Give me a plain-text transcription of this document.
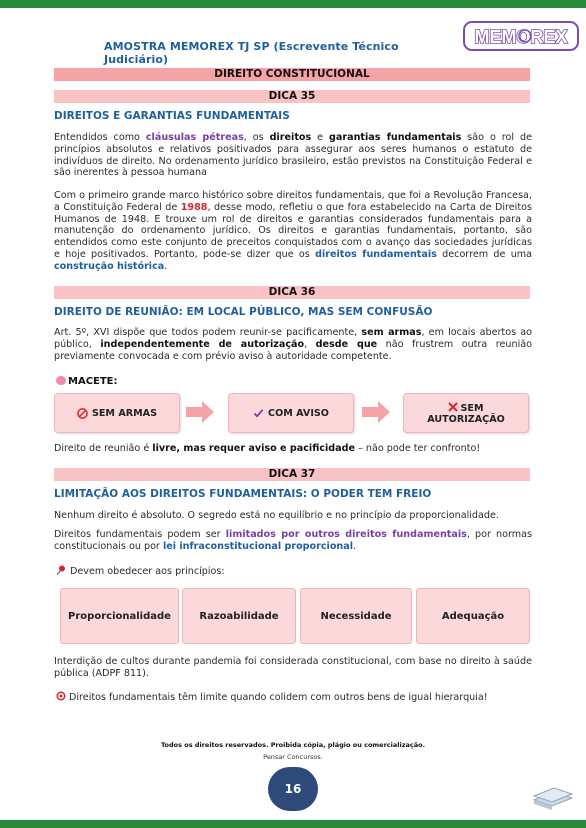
AMOSTRA MEMOREX TJ SP (Escrevente Técnico Judiciário)
MEMOREX
DIREITO CONSTITUCIONAL
DICA 35
DIREITOS E GARANTIAS FUNDAMENTAIS
Entendidos como cláusulas pétreas, os direitos e garantias fundamentais são o rol de princípios absolutos e relativos positivados para assegurar aos seres humanos o estatuto de indivíduos de direito. No ordenamento jurídico brasileiro, estão previstos na Constituição Federal e são inerentes à pessoa humana
Com o primeiro grande marco histórico sobre direitos fundamentais, que foi a Revolução Francesa, a Constituição Federal de 1988, desse modo, refletiu o que fora estabelecido na Carta de Direitos Humanos de 1948. E trouxe um rol de direitos e garantias considerados fundamentais para a manutenção do ordenamento jurídico. Os direitos e garantias fundamentais, portanto, são entendidos como este conjunto de preceitos conquistados com o avanço das sociedades jurídicas e hoje positivados. Portanto, pode-se dizer que os direitos fundamentais decorrem de uma construção histórica.
DICA 36
DIREITO DE REUNIÃO: EM LOCAL PÚBLICO, MAS SEM CONFUSÃO
Art. 5º, XVI dispõe que todos podem reunir-se pacificamente, sem armas, em locais abertos ao público, independentemente de autorização, desde que não frustrem outra reunião previamente convocada e com prévio aviso à autoridade competente.
MACETE:
SEM ARMAS	COM AVISO	SEM AUTORIZAÇÃO
Direito de reunião é livre, mas requer aviso e pacificidade – não pode ter confronto!
DICA 37
LIMITAÇÃO AOS DIREITOS FUNDAMENTAIS: O PODER TEM FREIO
Nenhum direito é absoluto. O segredo está no equilíbrio e no princípio da proporcionalidade.
Direitos fundamentais podem ser limitados por outros direitos fundamentais, por normas constitucionais ou por lei infraconstitucional proporcional.
Devem obedecer aos princípios:
Proporcionalidade	Razoabilidade	Necessidade	Adequação
Interdição de cultos durante pandemia foi considerada constitucional, com base no direito à saúde pública (ADPF 811).
Direitos fundamentais têm limite quando colidem com outros bens de igual hierarquia!
Todos os direitos reservados. Proibida cópia, plágio ou comercialização.
Pensar Concursos.
16
